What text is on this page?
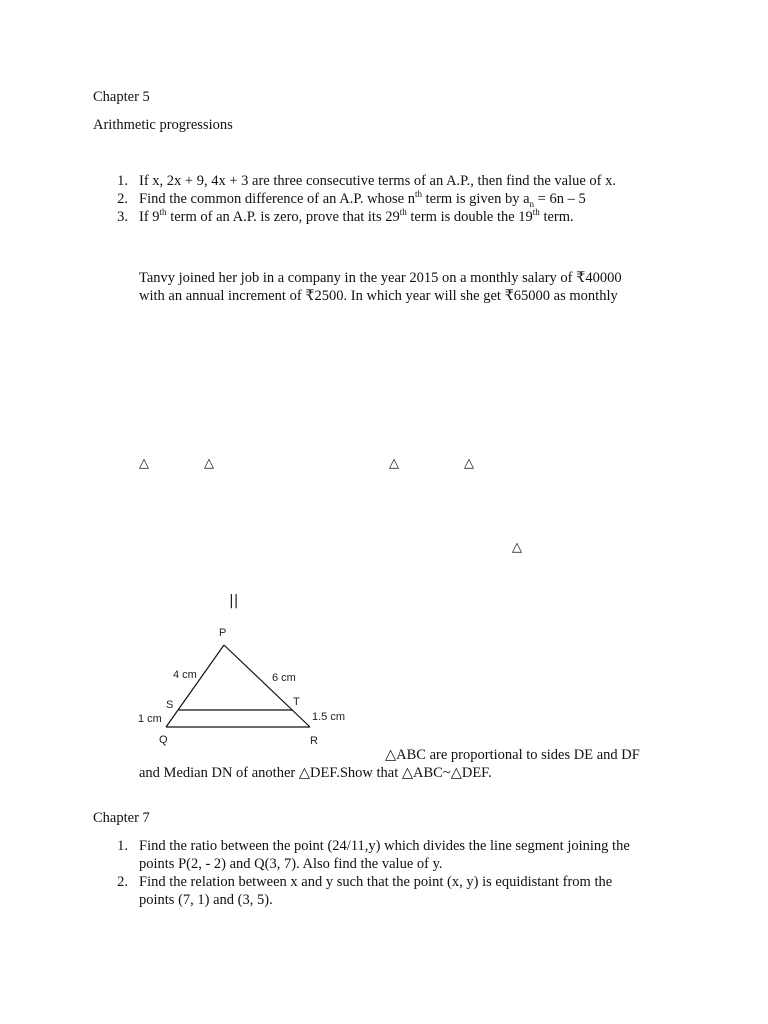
Chapter 5
Arithmetic progressions
1. If x, 2x + 9, 4x + 3 are three consecutive terms of an A.P., then find the value of x.
2. Find the common difference of an A.P. whose $n^{th}$ term is given by $a_n = 6n - 5$
3. If 9th term of an A.P. is zero, prove that its 29th term is double the 19th term.
Tanvy joined her job in a company in the year 2015 on a monthly salary of ₹40000
with an annual increment of ₹2500. In which year will she get ₹65000 as monthly
△	△	△	△
△
||
P
Q	R
S	T
4 cm	6 cm
1 cm	1.5 cm
△ABC are proportional to sides DE and DF
and Median DN of another △DEF.Show that △ABC~△DEF.
Chapter 7
1. Find the ratio between the point (24/11,y) which divides the line segment joining the
points P(2, - 2) and Q(3, 7). Also find the value of y.
2. Find the relation between x and y such that the point (x, y) is equidistant from the
points (7, 1) and (3, 5).
